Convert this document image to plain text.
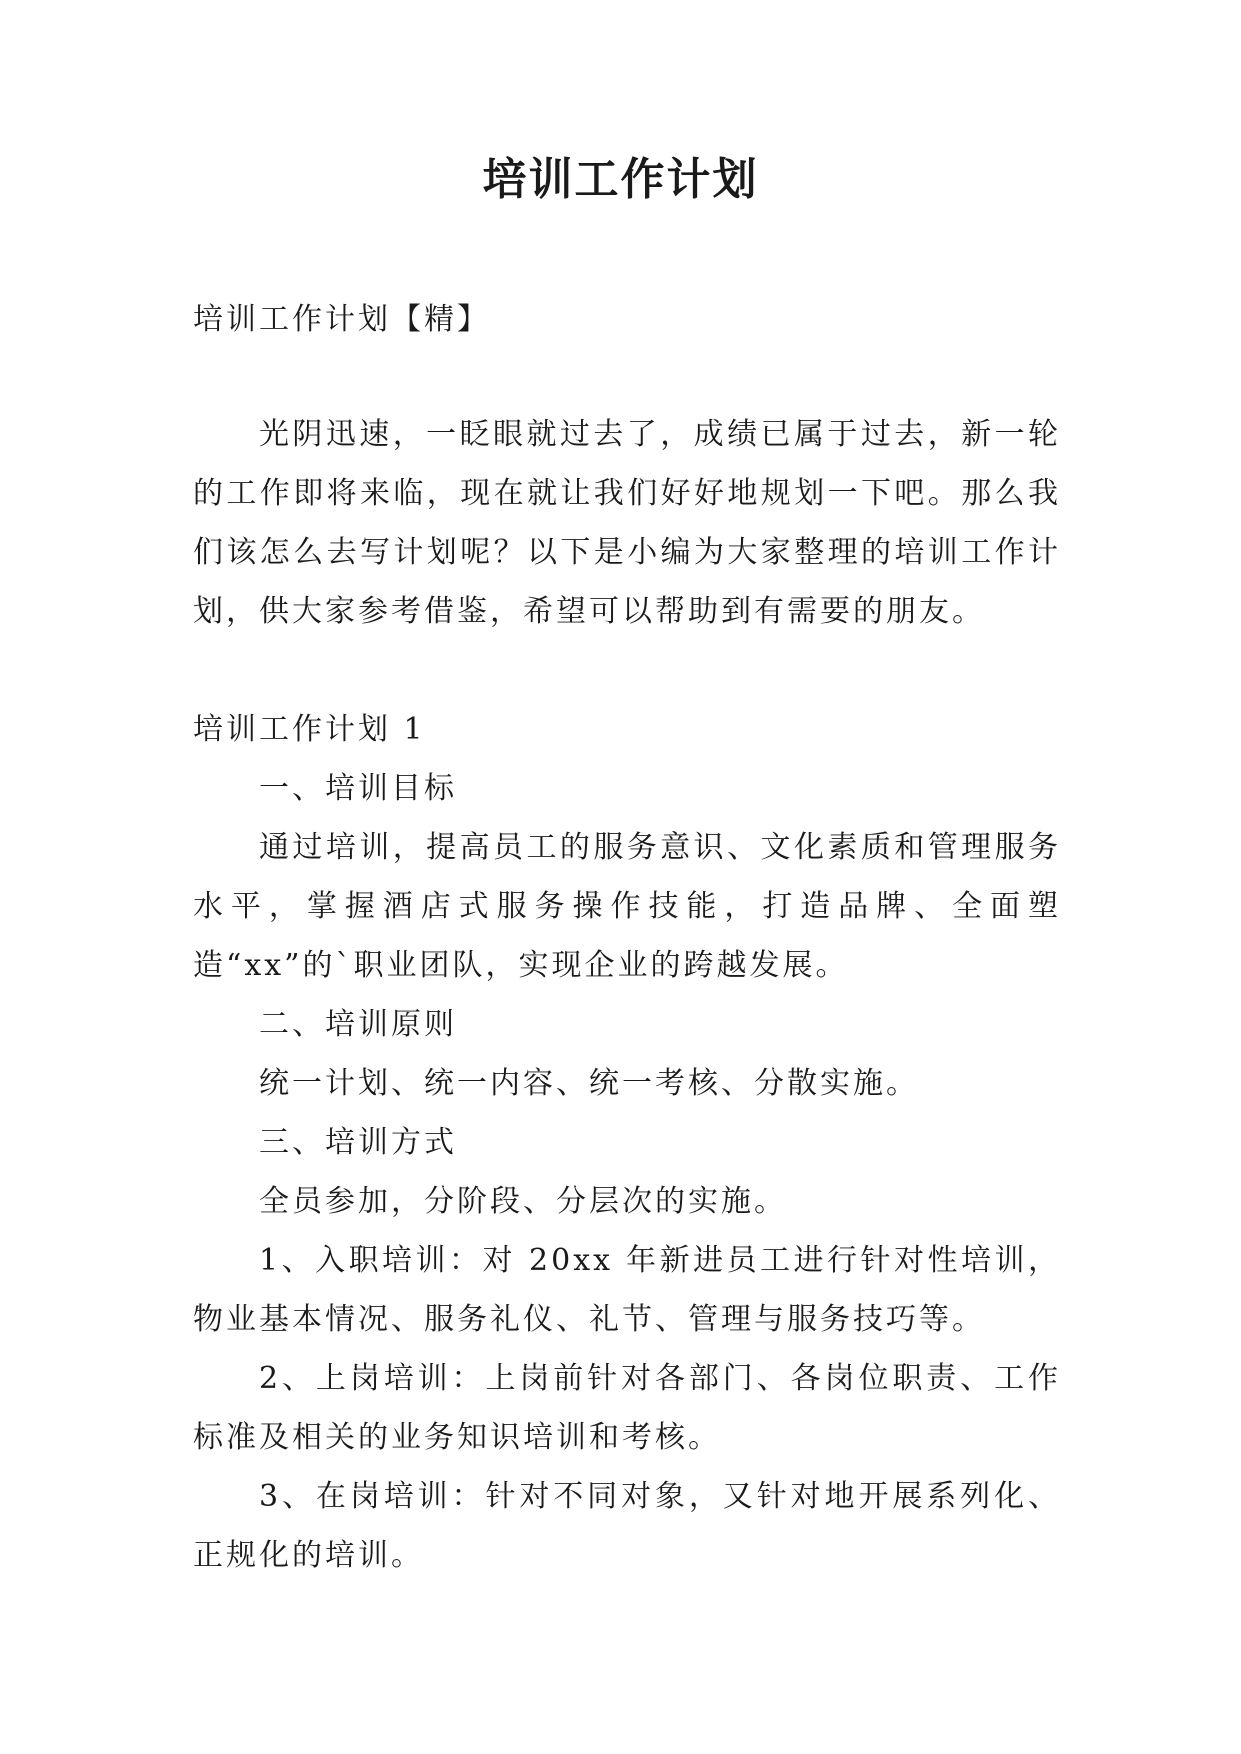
培训工作计划
培训工作计划【精】
光阴迅速，一眨眼就过去了，成绩已属于过去，新一轮的工作即将来临，现在就让我们好好地规划一下吧。那么我们该怎么去写计划呢？以下是小编为大家整理的培训工作计划，供大家参考借鉴，希望可以帮助到有需要的朋友。

培训工作计划 1

一、培训目标

通过培训，提高员工的服务意识、文化素质和管理服务水平，掌握酒店式服务操作技能，打造品牌、全面塑造“xx”的`职业团队，实现企业的跨越发展。

二、培训原则

统一计划、统一内容、统一考核、分散实施。

三、培训方式

全员参加，分阶段、分层次的实施。

1、入职培训：对 20xx 年新进员工进行针对性培训，物业基本情况、服务礼仪、礼节、管理与服务技巧等。

2、上岗培训：上岗前针对各部门、各岗位职责、工作标准及相关的业务知识培训和考核。

3、在岗培训：针对不同对象，又针对地开展系列化、正规化的培训。
